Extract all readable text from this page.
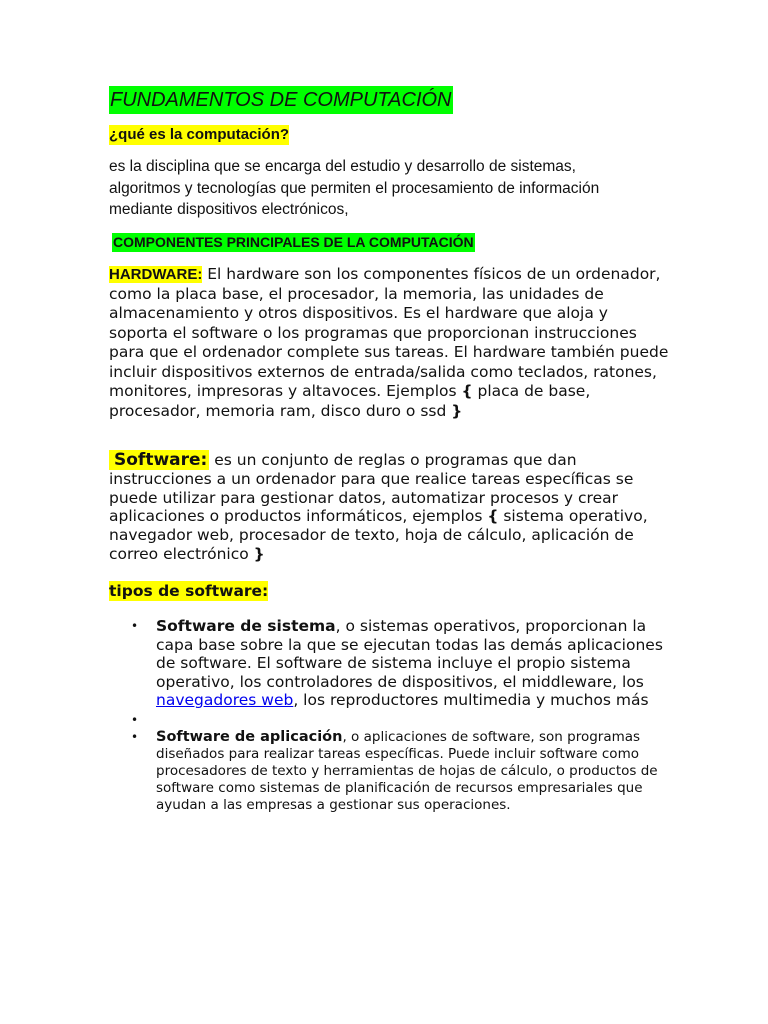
FUNDAMENTOS DE COMPUTACIÓN
¿qué es la computación?

es la disciplina que se encarga del estudio y desarrollo de sistemas,
algoritmos y tecnologías que permiten el procesamiento de información
mediante dispositivos electrónicos,

COMPONENTES PRINCIPALES DE LA COMPUTACIÓN

HARDWARE: El hardware son los componentes físicos de un ordenador, como la placa base, el procesador, la memoria, las unidades de almacenamiento y otros dispositivos. Es el hardware que aloja y soporta el software o los programas que proporcionan instrucciones para que el ordenador complete sus tareas. El hardware también puede incluir dispositivos externos de entrada/salida como teclados, ratones, monitores, impresoras y altavoces. Ejemplos { placa de base, procesador, memoria ram, disco duro o ssd }

Software: es un conjunto de reglas o programas que dan instrucciones a un ordenador para que realice tareas específicas se puede utilizar para gestionar datos, automatizar procesos y crear aplicaciones o productos informáticos, ejemplos { sistema operativo, navegador web, procesador de texto, hoja de cálculo, aplicación de correo electrónico }

tipos de software:
• Software de sistema, o sistemas operativos, proporcionan la capa base sobre la que se ejecutan todas las demás aplicaciones de software. El software de sistema incluye el propio sistema operativo, los controladores de dispositivos, el middleware, los navegadores web, los reproductores multimedia y muchos más
•
• Software de aplicación, o aplicaciones de software, son programas diseñados para realizar tareas específicas. Puede incluir software como procesadores de texto y herramientas de hojas de cálculo, o productos de software como sistemas de planificación de recursos empresariales que ayudan a las empresas a gestionar sus operaciones.
